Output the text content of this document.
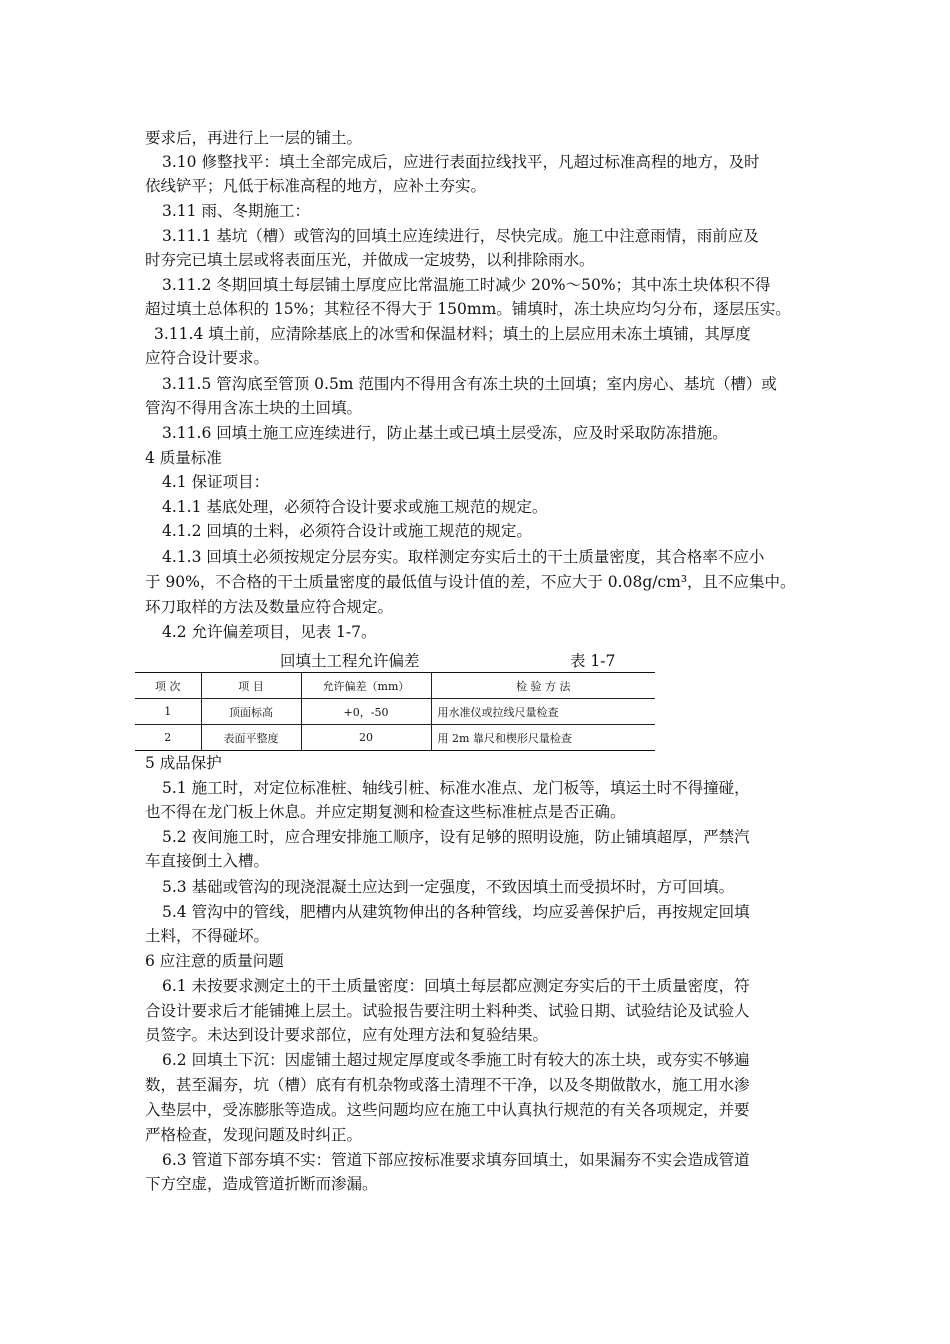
要求后，再进行上一层的铺土。
3.10 修整找平：填土全部完成后，应进行表面拉线找平，凡超过标准高程的地方，及时
依线铲平；凡低于标准高程的地方，应补土夯实。
3.11 雨、冬期施工：
3.11.1 基坑（槽）或管沟的回填土应连续进行，尽快完成。施工中注意雨情，雨前应及
时夯完已填土层或将表面压光，并做成一定坡势，以利排除雨水。
3.11.2 冬期回填土每层铺土厚度应比常温施工时减少 20%～50%；其中冻土块体积不得
超过填土总体积的 15%；其粒径不得大于 150mm。铺填时，冻土块应均匀分布，逐层压实。
3.11.4 填土前，应清除基底上的冰雪和保温材料；填土的上层应用未冻土填铺，其厚度
应符合设计要求。
3.11.5 管沟底至管顶 0.5m 范围内不得用含有冻土块的土回填；室内房心、基坑（槽）或
管沟不得用含冻土块的土回填。
3.11.6 回填土施工应连续进行，防止基土或已填土层受冻，应及时采取防冻措施。
4 质量标准
4.1 保证项目：
4.1.1 基底处理，必须符合设计要求或施工规范的规定。
4.1.2 回填的土料，必须符合设计或施工规范的规定。
4.1.3 回填土必须按规定分层夯实。取样测定夯实后土的干土质量密度，其合格率不应小
于 90%，不合格的干土质量密度的最低值与设计值的差，不应大于 0.08g/cm³，且不应集中。
环刀取样的方法及数量应符合规定。
4.2 允许偏差项目，见表 1-7。
回填土工程允许偏差	表 1-7
项 次	项 目	允许偏差（mm）	检 验 方 法
1	顶面标高	+0，-50	用水准仪或拉线尺量检查
2	表面平整度	20	用 2m 靠尺和楔形尺量检查
5 成品保护
5.1 施工时，对定位标准桩、轴线引桩、标准水准点、龙门板等，填运土时不得撞碰，
也不得在龙门板上休息。并应定期复测和检查这些标准桩点是否正确。
5.2 夜间施工时，应合理安排施工顺序，设有足够的照明设施，防止铺填超厚，严禁汽
车直接倒土入槽。
5.3 基础或管沟的现浇混凝土应达到一定强度，不致因填土而受损坏时，方可回填。
5.4 管沟中的管线，肥槽内从建筑物伸出的各种管线，均应妥善保护后，再按规定回填
土料，不得碰坏。
6 应注意的质量问题
6.1 未按要求测定土的干土质量密度：回填土每层都应测定夯实后的干土质量密度，符
合设计要求后才能铺摊上层土。试验报告要注明土料种类、试验日期、试验结论及试验人
员签字。未达到设计要求部位，应有处理方法和复验结果。
6.2 回填土下沉：因虚铺土超过规定厚度或冬季施工时有较大的冻土块，或夯实不够遍
数，甚至漏夯，坑（槽）底有有机杂物或落土清理不干净，以及冬期做散水，施工用水渗
入垫层中，受冻膨胀等造成。这些问题均应在施工中认真执行规范的有关各项规定，并要
严格检查，发现问题及时纠正。
6.3 管道下部夯填不实：管道下部应按标准要求填夯回填土，如果漏夯不实会造成管道
下方空虚，造成管道折断而渗漏。
